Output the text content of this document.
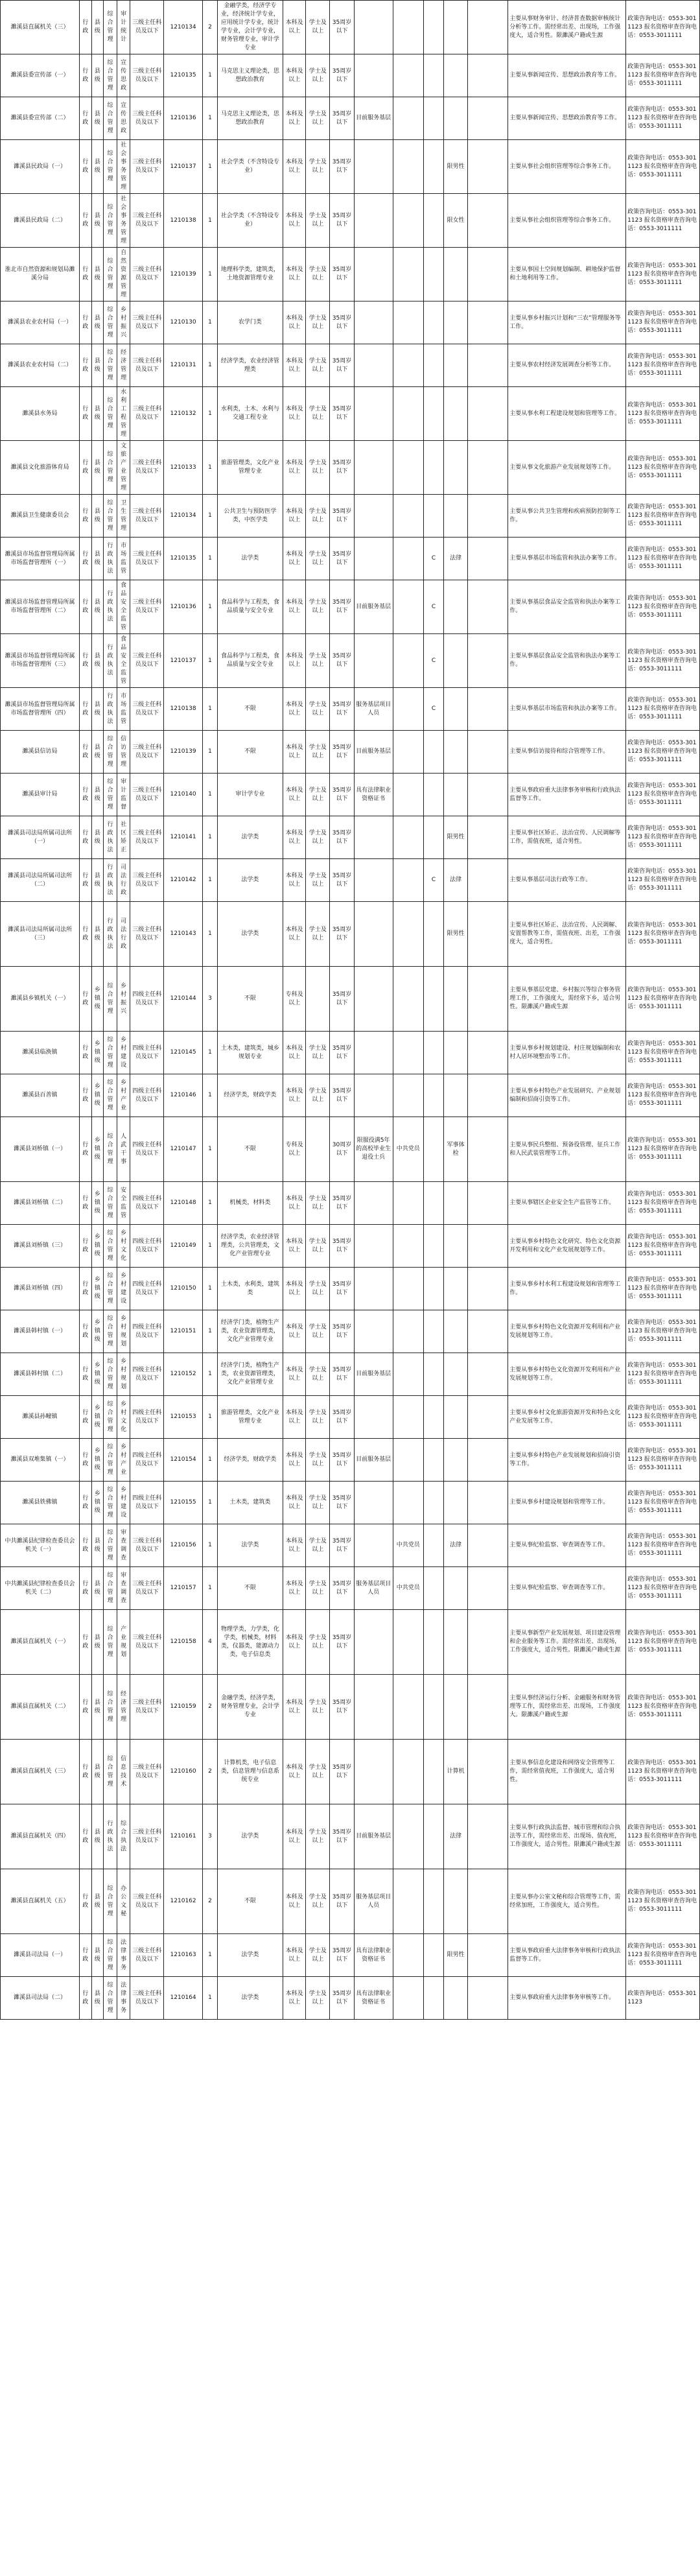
濉溪县直属机关（三）	行政	县级	综合管理	审计统计	三级主任科员及以下	1210134	2	金融学类，经济学专业，经济统计学专业，应用统计学专业，统计学专业，会计学专业，财务管理专业，审计学专业	本科及以上	学士及以上	35周岁以下						主要从事财务审计、经济普查数据审核统计分析等工作。需经常出差、出现场，工作强度大，适合男性。限濉溪户籍或生源	政策咨询电话：0553-3011123 报名资格审查咨询电话：0553-3011111
濉溪县委宣传部（一）	行政	县级	综合管理	宣传思政	三级主任科员及以下	1210135	1	马克思主义理论类，思想政治教育	本科及以上	学士及以上	35周岁以下						主要从事新闻宣传、思想政治教育等工作。	政策咨询电话：0553-3011123 报名资格审查咨询电话：0553-3011111
濉溪县委宣传部（二）	行政	县级	综合管理	宣传思政	三级主任科员及以下	1210136	1	马克思主义理论类，思想政治教育	本科及以上	学士及以上	35周岁以下	目前服务基层					主要从事新闻宣传、思想政治教育等工作。	政策咨询电话：0553-3011123 报名资格审查咨询电话：0553-3011111
濉溪县民政局（一）	行政	县级	综合管理	社会事务管理	三级主任科员及以下	1210137	1	社会学类（不含特设专业）	本科及以上	学士及以上	35周岁以下				限男性		主要从事社会组织管理等综合事务工作。	政策咨询电话：0553-3011123 报名资格审查咨询电话：0553-3011111
濉溪县民政局（二）	行政	县级	综合管理	社会事务管理	三级主任科员及以下	1210138	1	社会学类（不含特设专业）	本科及以上	学士及以上	35周岁以下				限女性		主要从事社会组织管理等综合事务工作。	政策咨询电话：0553-3011123 报名资格审查咨询电话：0553-3011111
淮北市自然资源和规划局濉溪分局	行政	县级	综合管理	自然资源管理	三级主任科员及以下	1210139	1	地理科学类，建筑类，土地资源管理专业	本科及以上	学士及以上	35周岁以下						主要从事国土空间规划编制、耕地保护监督和土地利用等工作。	政策咨询电话：0553-3011123 报名资格审查咨询电话：0553-3011111
濉溪县农业农村局（一）	行政	县级	综合管理	乡村振兴	三级主任科员及以下	1210130	1	农学门类	本科及以上	学士及以上	35周岁以下						主要从事乡村振兴计划和“三农”管理服务等工作。	政策咨询电话：0553-3011123 报名资格审查咨询电话：0553-3011111
濉溪县农业农村局（二）	行政	县级	综合管理	经济管理	三级主任科员及以下	1210131	1	经济学类，农业经济管理类	本科及以上	学士及以上	35周岁以下						主要从事农村经济发展调查分析等工作。	政策咨询电话：0553-3011123 报名资格审查咨询电话：0553-3011111
濉溪县水务局	行政	县级	综合管理	水利工程管理	三级主任科员及以下	1210132	1	水利类，土木、水利与交通工程专业	本科及以上	学士及以上	35周岁以下						主要从事水利工程建设规划和管理等工作。	政策咨询电话：0553-3011123 报名资格审查咨询电话：0553-3011111
濉溪县文化旅游体育局	行政	县级	综合管理	文旅产业管理	三级主任科员及以下	1210133	1	旅游管理类，文化产业管理专业	本科及以上	学士及以上	35周岁以下						主要从事文化旅游产业发展规划等工作。	政策咨询电话：0553-3011123 报名资格审查咨询电话：0553-3011111
濉溪县卫生健康委员会	行政	县级	综合管理	卫生管理	三级主任科员及以下	1210134	1	公共卫生与预防医学类，中医学类	本科及以上	学士及以上	35周岁以下						主要从事公共卫生管理和疾病预防控制等工作。	政策咨询电话：0553-3011123 报名资格审查咨询电话：0553-3011111
濉溪县市场监督管理局所属市场监督管理所（一）	行政	县级	行政执法	市场监管	三级主任科员及以下	1210135	1	法学类	本科及以上	学士及以上	35周岁以下			C	法律		主要从事基层市场监管和执法办案等工作。	政策咨询电话：0553-3011123 报名资格审查咨询电话：0553-3011111
濉溪县市场监督管理局所属市场监督管理所（二）	行政	县级	行政执法	食品安全监管	三级主任科员及以下	1210136	1	食品科学与工程类，食品质量与安全专业	本科及以上	学士及以上	35周岁以下	目前服务基层		C			主要从事基层食品安全监管和执法办案等工作。	政策咨询电话：0553-3011123 报名资格审查咨询电话：0553-3011111
濉溪县市场监督管理局所属市场监督管理所（三）	行政	县级	行政执法	食品安全监管	三级主任科员及以下	1210137	1	食品科学与工程类，食品质量与安全专业	本科及以上	学士及以上	35周岁以下			C			主要从事基层食品安全监管和执法办案等工作。	政策咨询电话：0553-3011123 报名资格审查咨询电话：0553-3011111
濉溪县市场监督管理局所属市场监督管理所（四）	行政	县级	行政执法	市场监管	三级主任科员及以下	1210138	1	不限	本科及以上	学士及以上	35周岁以下	服务基层项目人员		C			主要从事基层市场监管和执法办案等工作。	政策咨询电话：0553-3011123 报名资格审查咨询电话：0553-3011111
濉溪县信访局	行政	县级	综合管理	信访管理	三级主任科员及以下	1210139	1	不限	本科及以上	学士及以上	35周岁以下	目前服务基层					主要从事信访接待和综合管理等工作。	政策咨询电话：0553-3011123 报名资格审查咨询电话：0553-3011111
濉溪县审计局	行政	县级	综合管理	审计监督	三级主任科员及以下	1210140	1	审计学专业	本科及以上	学士及以上	35周岁以下	具有法律职业资格证书					主要从事政府重大法律事务审核和行政执法监督等工作。	政策咨询电话：0553-3011123 报名资格审查咨询电话：0553-3011111
濉溪县司法局所属司法所（一）	行政	县级	行政执法	社区矫正	三级主任科员及以下	1210141	1	法学类	本科及以上	学士及以上	35周岁以下				限男性		主要从事社区矫正、法治宣传、人民调解等工作，需值夜班，适合男性。	政策咨询电话：0553-3011123 报名资格审查咨询电话：0553-3011111
濉溪县司法局所属司法所（二）	行政	县级	行政执法	司法行政	三级主任科员及以下	1210142	1	法学类	本科及以上	学士及以上	35周岁以下			C	法律		主要从事基层司法行政等工作。	政策咨询电话：0553-3011123 报名资格审查咨询电话：0553-3011111
濉溪县司法局所属司法所（三）	行政	县级	行政执法	司法行政	三级主任科员及以下	1210143	1	法学类	本科及以上	学士及以上	35周岁以下				限男性		主要从事社区矫正、法治宣传、人民调解、安置帮教等工作，需值夜班、出差，工作强度大，适合男性。	政策咨询电话：0553-3011123 报名资格审查咨询电话：0553-3011111
濉溪县乡镇机关（一）	行政	乡镇级	综合管理	乡村振兴	四级主任科员及以下	1210144	3	不限	专科及以上		35周岁以下						主要从事基层党建、乡村振兴等综合事务管理工作，工作强度大，需经常下乡，适合男性。限濉溪户籍或生源	政策咨询电话：0553-3011123 报名资格审查咨询电话：0553-3011111
濉溪县临涣镇	行政	乡镇级	综合管理	乡村建设	四级主任科员及以下	1210145	1	土木类，建筑类，城乡规划专业	本科及以上	学士及以上	35周岁以下						主要从事乡村规划建设、村庄规划编制和农村人居环境整治等工作。	政策咨询电话：0553-3011123 报名资格审查咨询电话：0553-3011111
濉溪县百善镇	行政	乡镇级	综合管理	乡村产业	四级主任科员及以下	1210146	1	经济学类，财政学类	本科及以上	学士及以上	35周岁以下						主要从事乡村特色产业发展研究、产业规划编制和招商引资等工作。	政策咨询电话：0553-3011123 报名资格审查咨询电话：0553-3011111
濉溪县刘桥镇（一）	行政	乡镇级	综合管理	人武干事	四级主任科员及以下	1210147	1	不限	专科及以上		30周岁以下	限服役满5年的高校毕业生退役士兵	中共党员		军事体检		主要从事民兵整组、预备役管理、征兵工作和人民武装管理等工作。	政策咨询电话：0553-3011123 报名资格审查咨询电话：0553-3011111
濉溪县刘桥镇（二）	行政	乡镇级	综合管理	安全监管	四级主任科员及以下	1210148	1	机械类，材料类	本科及以上	学士及以上	35周岁以下						主要从事辖区企业安全生产监管等工作。	政策咨询电话：0553-3011123 报名资格审查咨询电话：0553-3011111
濉溪县刘桥镇（三）	行政	乡镇级	综合管理	乡村文化	四级主任科员及以下	1210149	1	经济学类，农业经济管理类，公共管理类，文化产业管理专业	本科及以上	学士及以上	35周岁以下						主要从事乡村特色文化研究、特色文化资源开发利用和文化产业发展规划等工作。	政策咨询电话：0553-3011123 报名资格审查咨询电话：0553-3011111
濉溪县刘桥镇（四）	行政	乡镇级	综合管理	乡村建设	四级主任科员及以下	1210150	1	土木类，水利类，建筑类	本科及以上	学士及以上	35周岁以下						主要从事乡村水利工程建设规划和管理等工作。	政策咨询电话：0553-3011123 报名资格审查咨询电话：0553-3011111
濉溪县韩村镇（一）	行政	乡镇级	综合管理	乡村规划	四级主任科员及以下	1210151	1	经济学门类，植物生产类，农业资源管理类，文化产业管理专业	本科及以上	学士及以上	35周岁以下						主要从事乡村特色文化资源开发利用和产业发展规划等工作。	政策咨询电话：0553-3011123 报名资格审查咨询电话：0553-3011111
濉溪县韩村镇（二）	行政	乡镇级	综合管理	乡村规划	四级主任科员及以下	1210152	1	经济学门类，植物生产类，农业资源管理类，文化产业管理专业	本科及以上	学士及以上	35周岁以下	目前服务基层					主要从事乡村特色文化资源开发利用和产业发展规划等工作。	政策咨询电话：0553-3011123 报名资格审查咨询电话：0553-3011111
濉溪县孙疃镇	行政	乡镇级	综合管理	乡村文化	四级主任科员及以下	1210153	1	旅游管理类，文化产业管理专业	本科及以上	学士及以上	35周岁以下						主要从事乡村文化旅游资源开发和特色文化产业发展等工作。	政策咨询电话：0553-3011123 报名资格审查咨询电话：0553-3011111
濉溪县双堆集镇（一）	行政	乡镇级	综合管理	乡村产业	四级主任科员及以下	1210154	1	经济学类，财政学类	本科及以上	学士及以上	35周岁以下	目前服务基层					主要从事乡村特色产业发展规划和招商引资等工作。	政策咨询电话：0553-3011123 报名资格审查咨询电话：0553-3011111
濉溪县铁佛镇	行政	乡镇级	综合管理	乡村建设	四级主任科员及以下	1210155	1	土木类，建筑类	本科及以上	学士及以上	35周岁以下						主要从事乡村建设规划和管理等工作。	政策咨询电话：0553-3011123 报名资格审查咨询电话：0553-3011111
中共濉溪县纪律检查委员会机关（一）	行政	县级	综合管理	审查调查	三级主任科员及以下	1210156	1	法学类	本科及以上	学士及以上	35周岁以下		中共党员		法律		主要从事纪检监察、审查调查等工作。	政策咨询电话：0553-3011123 报名资格审查咨询电话：0553-3011111
中共濉溪县纪律检查委员会机关（二）	行政	县级	综合管理	审查调查	三级主任科员及以下	1210157	1	不限	本科及以上	学士及以上	35周岁以下	服务基层项目人员	中共党员				主要从事纪检监察、审查调查等工作。	政策咨询电话：0553-3011123 报名资格审查咨询电话：0553-3011111
濉溪县直属机关（一）	行政	县级	综合管理	产业规划	三级主任科员及以下	1210158	4	物理学类，力学类，化学类，机械类，材料类，仪器类，能源动力类，电子信息类	本科及以上	学士及以上	35周岁以下						主要从事新型产业发展规划、项目建设管理和企业服务等工作。需经常出差、出现场，工作强度大，适合男性。限濉溪户籍或生源	政策咨询电话：0553-3011123 报名资格审查咨询电话：0553-3011111
濉溪县直属机关（二）	行政	县级	综合管理	经济管理	三级主任科员及以下	1210159	2	金融学类，经济学类，财务管理专业，会计学专业	本科及以上	学士及以上	35周岁以下						主要从事经济运行分析、金融服务和财务管理等工作，需经常出差、出现场，工作强度大。限濉溪户籍或生源	政策咨询电话：0553-3011123 报名资格审查咨询电话：0553-3011111
濉溪县直属机关（三）	行政	县级	综合管理	信息技术	三级主任科员及以下	1210160	2	计算机类，电子信息类，信息管理与信息系统专业	本科及以上	学士及以上	35周岁以下				计算机		主要从事信息化建设和网络安全管理等工作，需经常值夜班，工作强度大，适合男性。	政策咨询电话：0553-3011123 报名资格审查咨询电话：0553-3011111
濉溪县直属机关（四）	行政	县级	行政执法	综合执法	三级主任科员及以下	1210161	3	法学类	本科及以上	学士及以上	35周岁以下	目前服务基层			法律		主要从事行政执法监督、城市管理和综合执法等工作，需经常出差、出现场、值夜班，工作强度大，适合男性。限濉溪户籍或生源	政策咨询电话：0553-3011123 报名资格审查咨询电话：0553-3011111
濉溪县直属机关（五）	行政	县级	综合管理	办公文秘	三级主任科员及以下	1210162	2	不限	本科及以上	学士及以上	35周岁以下	服务基层项目人员					主要从事办公室文秘和综合管理等工作，需经常加班，工作强度大，适合男性。	政策咨询电话：0553-3011123 报名资格审查咨询电话：0553-3011111
濉溪县司法局（一）	行政	县级	综合管理	法律事务	三级主任科员及以下	1210163	1	法学类	本科及以上	学士及以上	35周岁以下	具有法律职业资格证书			限男性		主要从事政府重大法律事务审核和行政执法监督等工作。	政策咨询电话：0553-3011123 报名资格审查咨询电话：0553-3011111
濉溪县司法局（二）	行政	县级	综合管理	法律事务	三级主任科员及以下	1210164	1	法学类	本科及以上	学士及以上	35周岁以下	具有法律职业资格证书					主要从事政府重大法律事务审核等工作。	政策咨询电话：0553-3011123
